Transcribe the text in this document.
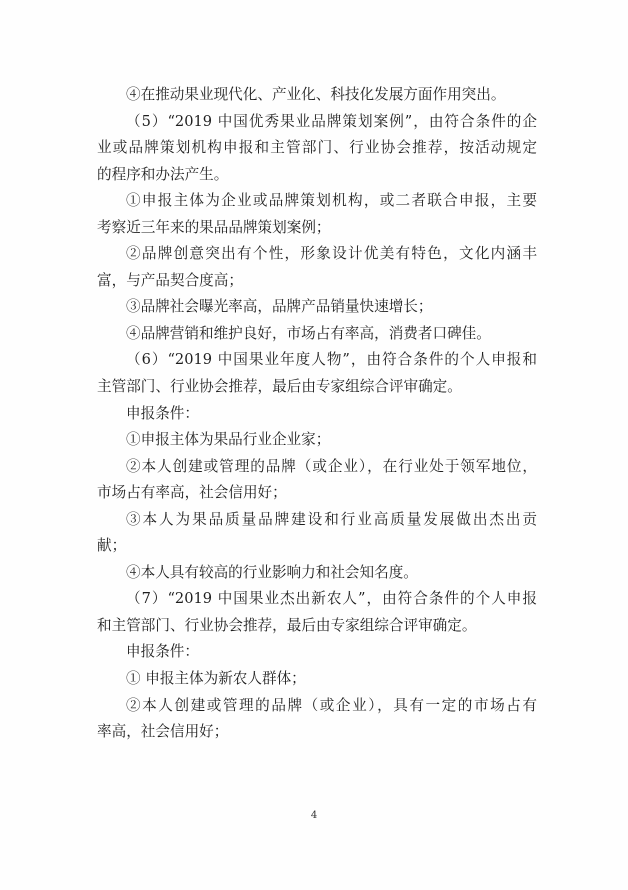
④在推动果业现代化、产业化、科技化发展方面作用突出。
（5）“2019 中国优秀果业品牌策划案例”，由符合条件的企
业或品牌策划机构申报和主管部门、行业协会推荐，按活动规定
的程序和办法产生。
①申报主体为企业或品牌策划机构，或二者联合申报，主要
考察近三年来的果品品牌策划案例；
②品牌创意突出有个性，形象设计优美有特色，文化内涵丰
富，与产品契合度高；
③品牌社会曝光率高，品牌产品销量快速增长；
④品牌营销和维护良好，市场占有率高，消费者口碑佳。
（6）“2019 中国果业年度人物”，由符合条件的个人申报和
主管部门、行业协会推荐，最后由专家组综合评审确定。
申报条件：
①申报主体为果品行业企业家；
②本人创建或管理的品牌（或企业），在行业处于领军地位，
市场占有率高，社会信用好；
③本人为果品质量品牌建设和行业高质量发展做出杰出贡
献；
④本人具有较高的行业影响力和社会知名度。
（7）“2019 中国果业杰出新农人”，由符合条件的个人申报
和主管部门、行业协会推荐，最后由专家组综合评审确定。
申报条件：
① 申报主体为新农人群体；
②本人创建或管理的品牌（或企业），具有一定的市场占有
率高，社会信用好；
4
